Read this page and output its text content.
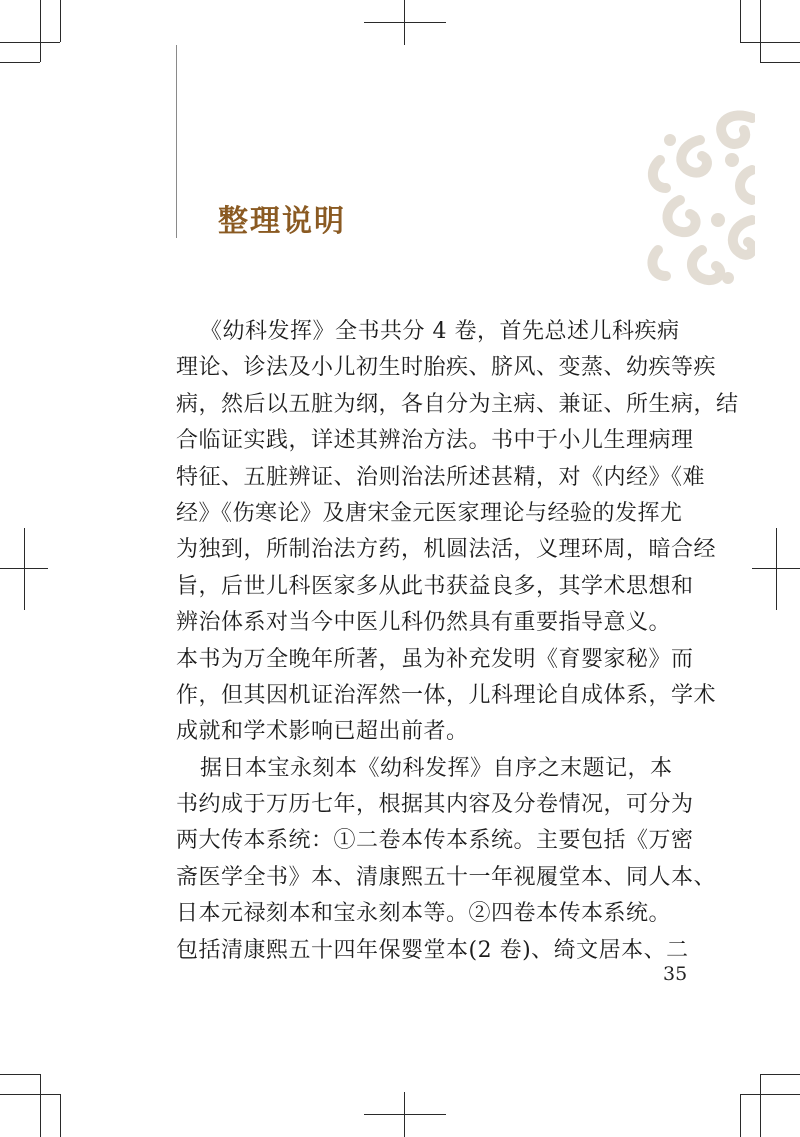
整理说明
《幼科发挥》全书共分 4 卷，首先总述儿科疾病
理论、诊法及小儿初生时胎疾、脐风、变蒸、幼疾等疾
病，然后以五脏为纲，各自分为主病、兼证、所生病，结
合临证实践，详述其辨治方法。书中于小儿生理病理
特征、五脏辨证、治则治法所述甚精，对《内经》《难
经》《伤寒论》及唐宋金元医家理论与经验的发挥尤
为独到，所制治法方药，机圆法活，义理环周，暗合经
旨，后世儿科医家多从此书获益良多，其学术思想和
辨治体系对当今中医儿科仍然具有重要指导意义。
本书为万全晚年所著，虽为补充发明《育婴家秘》而
作，但其因机证治浑然一体，儿科理论自成体系，学术
成就和学术影响已超出前者。
据日本宝永刻本《幼科发挥》自序之末题记，本
书约成于万历七年，根据其内容及分卷情况，可分为
两大传本系统：①二卷本传本系统。主要包括《万密
斋医学全书》本、清康熙五十一年视履堂本、同人本、
日本元禄刻本和宝永刻本等。②四卷本传本系统。
包括清康熙五十四年保婴堂本(2 卷)、绮文居本、二
35
